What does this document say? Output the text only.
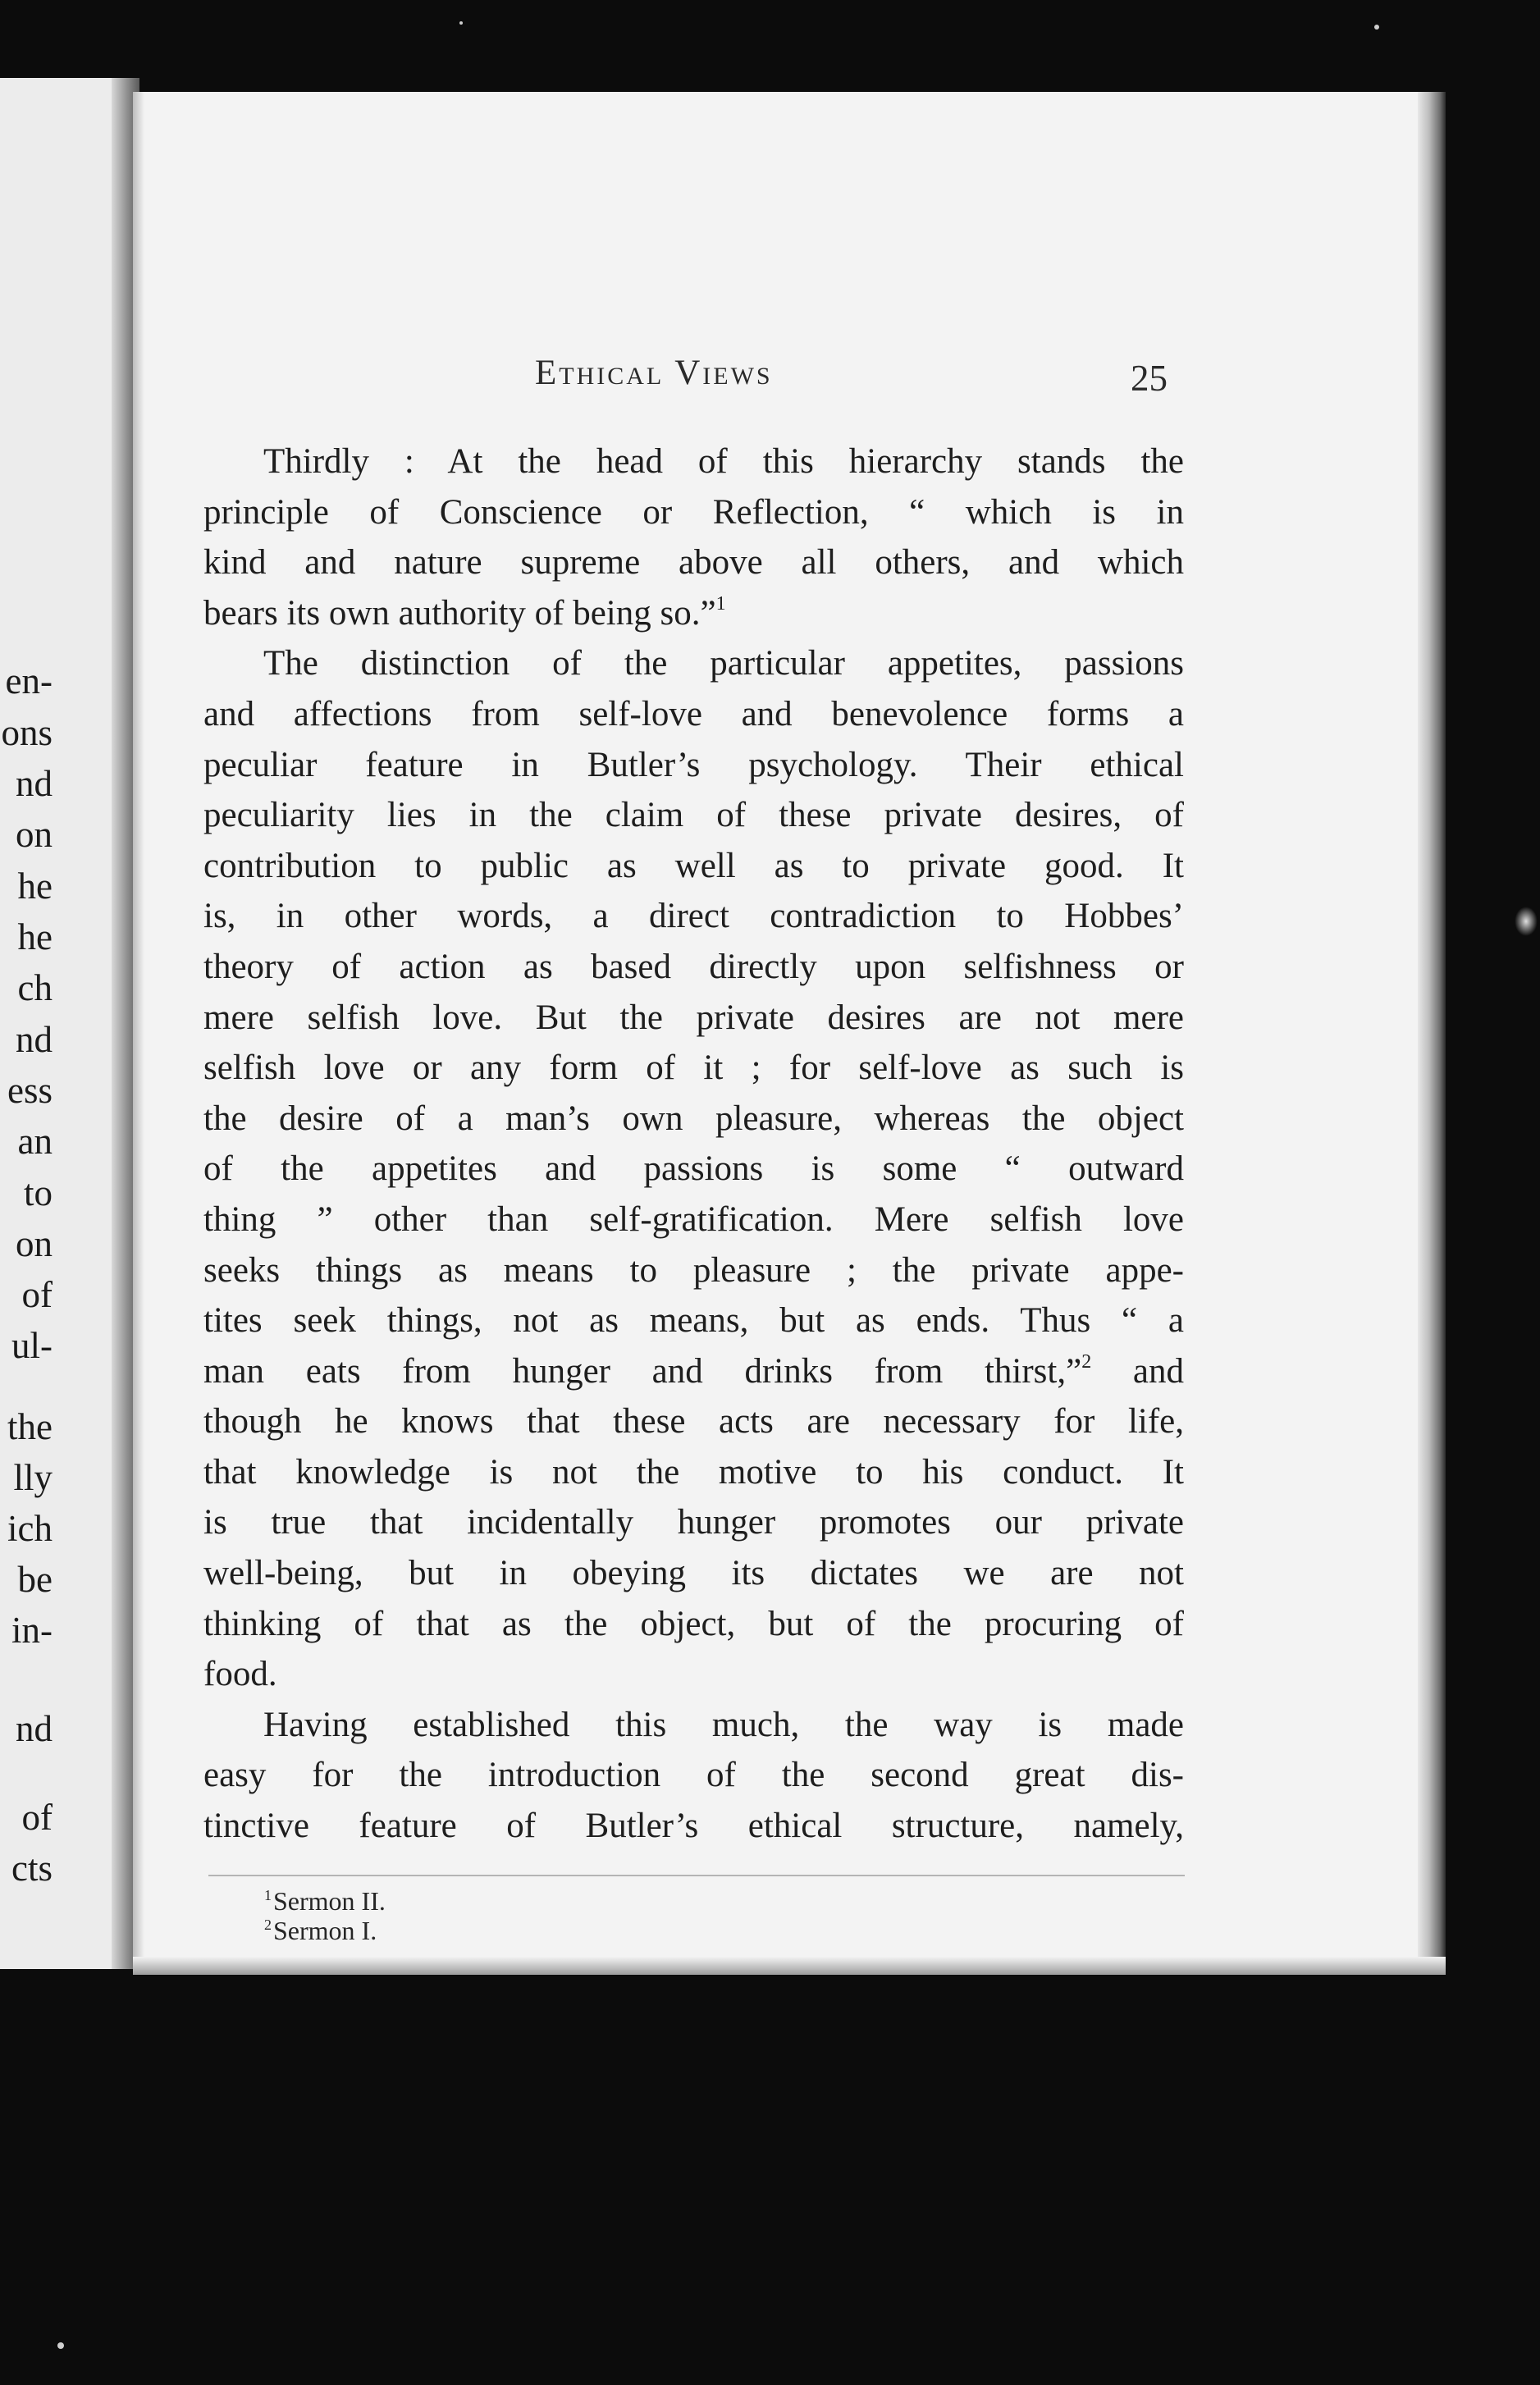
en-
ons
nd
on
he
he
ch
nd
ess
an
to
on
of
ul-
the
lly
ich
be
in-
nd
of
cts
Ethical Views	25

Thirdly : At the head of this hierarchy stands the
principle of Conscience or Reflection, “ which is in
kind and nature supreme above all others, and which
bears its own authority of being so.”$^1$

The distinction of the particular appetites, passions
and affections from self-love and benevolence forms a
peculiar feature in Butler’s psychology. Their ethical
peculiarity lies in the claim of these private desires, of
contribution to public as well as to private good. It
is, in other words, a direct contradiction to Hobbes’
theory of action as based directly upon selfishness or
mere selfish love. But the private desires are not mere
selfish love or any form of it ; for self-love as such is
the desire of a man’s own pleasure, whereas the object
of the appetites and passions is some “ outward
thing ” other than self-gratification. Mere selfish love
seeks things as means to pleasure ; the private appe-
tites seek things, not as means, but as ends. Thus “ a
man eats from hunger and drinks from thirst,”$^2$ and
though he knows that these acts are necessary for life,
that knowledge is not the motive to his conduct. It
is true that incidentally hunger promotes our private
well-being, but in obeying its dictates we are not
thinking of that as the object, but of the procuring of
food.

Having established this much, the way is made
easy for the introduction of the second great dis-
tinctive feature of Butler’s ethical structure, namely,

$^1$Sermon II.
$^2$Sermon I.
